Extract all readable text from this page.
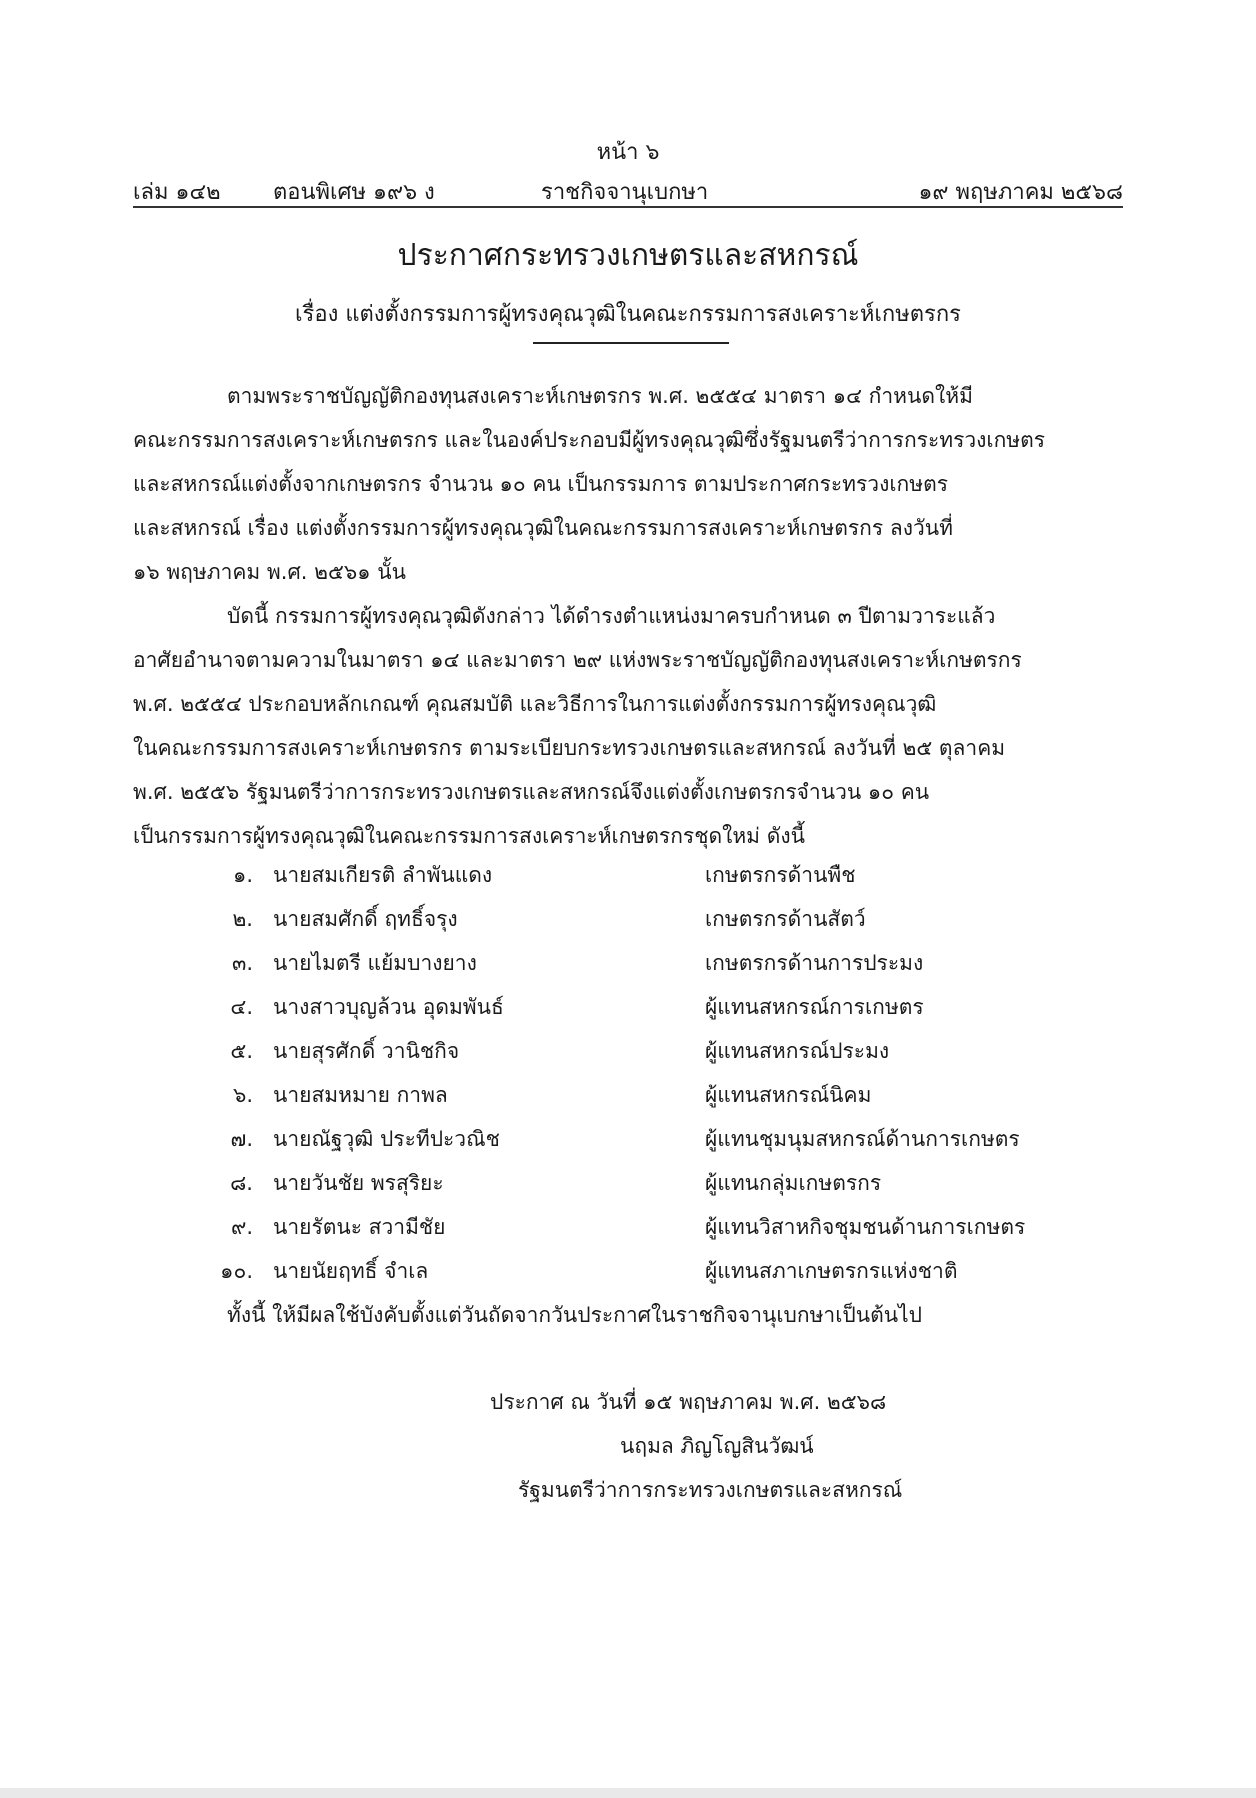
หน้า ๖
เล่ม ๑๔๒ ตอนพิเศษ ๑๙๖ ง	ราชกิจจานุเบกษา	๑๙ พฤษภาคม ๒๕๖๘
ประกาศกระทรวงเกษตรและสหกรณ์
เรื่อง แต่งตั้งกรรมการผู้ทรงคุณวุฒิในคณะกรรมการสงเคราะห์เกษตรกร
ตามพระราชบัญญัติกองทุนสงเคราะห์เกษตรกร พ.ศ. ๒๕๕๔ มาตรา ๑๔ กำหนดให้มี
คณะกรรมการสงเคราะห์เกษตรกร และในองค์ประกอบมีผู้ทรงคุณวุฒิซึ่งรัฐมนตรีว่าการกระทรวงเกษตร
และสหกรณ์แต่งตั้งจากเกษตรกร จำนวน ๑๐ คน เป็นกรรมการ ตามประกาศกระทรวงเกษตร
และสหกรณ์ เรื่อง แต่งตั้งกรรมการผู้ทรงคุณวุฒิในคณะกรรมการสงเคราะห์เกษตรกร ลงวันที่
๑๖ พฤษภาคม พ.ศ. ๒๕๖๑ นั้น
บัดนี้ กรรมการผู้ทรงคุณวุฒิดังกล่าว ได้ดำรงตำแหน่งมาครบกำหนด ๓ ปีตามวาระแล้ว
อาศัยอำนาจตามความในมาตรา ๑๔ และมาตรา ๒๙ แห่งพระราชบัญญัติกองทุนสงเคราะห์เกษตรกร
พ.ศ. ๒๕๕๔ ประกอบหลักเกณฑ์ คุณสมบัติ และวิธีการในการแต่งตั้งกรรมการผู้ทรงคุณวุฒิ
ในคณะกรรมการสงเคราะห์เกษตรกร ตามระเบียบกระทรวงเกษตรและสหกรณ์ ลงวันที่ ๒๕ ตุลาคม
พ.ศ. ๒๕๕๖ รัฐมนตรีว่าการกระทรวงเกษตรและสหกรณ์จึงแต่งตั้งเกษตรกรจำนวน ๑๐ คน
เป็นกรรมการผู้ทรงคุณวุฒิในคณะกรรมการสงเคราะห์เกษตรกรชุดใหม่ ดังนี้
๑. นายสมเกียรติ ลำพันแดง	เกษตรกรด้านพืช
๒. นายสมศักดิ์ ฤทธิ์จรุง	เกษตรกรด้านสัตว์
๓. นายไมตรี แย้มบางยาง	เกษตรกรด้านการประมง
๔. นางสาวบุญล้วน อุดมพันธ์	ผู้แทนสหกรณ์การเกษตร
๕. นายสุรศักดิ์ วานิชกิจ	ผู้แทนสหกรณ์ประมง
๖. นายสมหมาย กาพล	ผู้แทนสหกรณ์นิคม
๗. นายณัฐวุฒิ ประทีปะวณิช	ผู้แทนชุมนุมสหกรณ์ด้านการเกษตร
๘. นายวันชัย พรสุริยะ	ผู้แทนกลุ่มเกษตรกร
๙. นายรัตนะ สวามีชัย	ผู้แทนวิสาหกิจชุมชนด้านการเกษตร
๑๐. นายนัยฤทธิ์ จำเล	ผู้แทนสภาเกษตรกรแห่งชาติ
ทั้งนี้ ให้มีผลใช้บังคับตั้งแต่วันถัดจากวันประกาศในราชกิจจานุเบกษาเป็นต้นไป
ประกาศ ณ วันที่ ๑๕ พฤษภาคม พ.ศ. ๒๕๖๘
นฤมล ภิญโญสินวัฒน์
รัฐมนตรีว่าการกระทรวงเกษตรและสหกรณ์
